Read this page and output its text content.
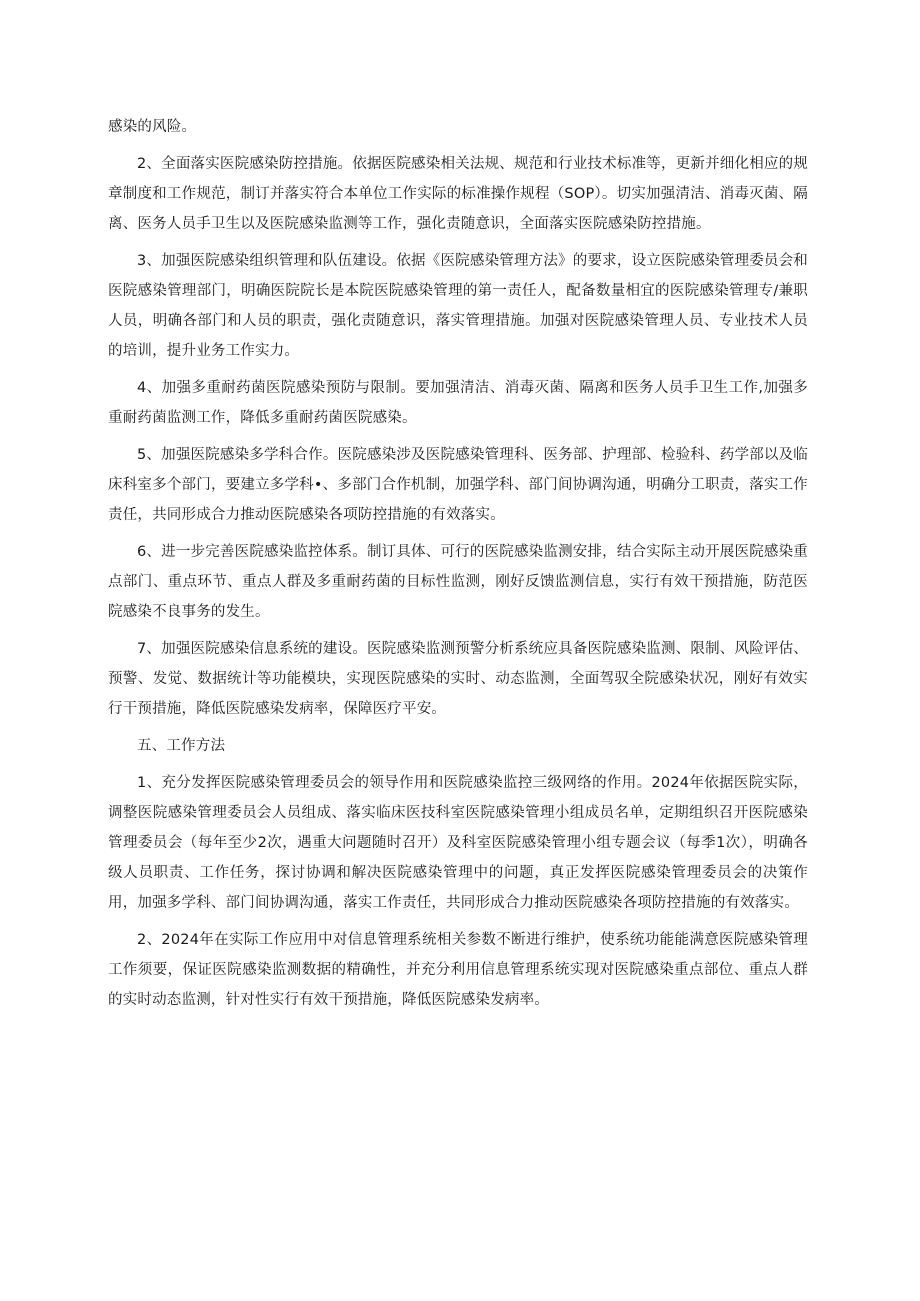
感染的风险。

2、全面落实医院感染防控措施。依据医院感染相关法规、规范和行业技术标准等，更新并细化相应的规章制度和工作规范，制订并落实符合本单位工作实际的标准操作规程（SOP）。切实加强清洁、消毒灭菌、隔离、医务人员手卫生以及医院感染监测等工作，强化责随意识，全面落实医院感染防控措施。

3、加强医院感染组织管理和队伍建设。依据《医院感染管理方法》的要求，设立医院感染管理委员会和医院感染管理部门，明确医院院长是本院医院感染管理的第一责任人，配备数量相宜的医院感染管理专/兼职人员，明确各部门和人员的职责，强化责随意识，落实管理措施。加强对医院感染管理人员、专业技术人员的培训，提升业务工作实力。

4、加强多重耐药菌医院感染预防与限制。要加强清洁、消毒灭菌、隔离和医务人员手卫生工作,加强多重耐药菌监测工作，降低多重耐药菌医院感染。

5、加强医院感染多学科合作。医院感染涉及医院感染管理科、医务部、护理部、检验科、药学部以及临床科室多个部门，要建立多学科•、多部门合作机制，加强学科、部门间协调沟通，明确分工职责，落实工作责任，共同形成合力推动医院感染各项防控措施的有效落实。

6、进一步完善医院感染监控体系。制订具体、可行的医院感染监测安排，结合实际主动开展医院感染重点部门、重点环节、重点人群及多重耐药菌的目标性监测，刚好反馈监测信息，实行有效干预措施，防范医院感染不良事务的发生。

7、加强医院感染信息系统的建设。医院感染监测预警分析系统应具备医院感染监测、限制、风险评估、预警、发觉、数据统计等功能模块，实现医院感染的实时、动态监测，全面驾驭全院感染状况，刚好有效实行干预措施，降低医院感染发病率，保障医疗平安。

五、工作方法

1、充分发挥医院感染管理委员会的领导作用和医院感染监控三级网络的作用。2024年依据医院实际，调整医院感染管理委员会人员组成、落实临床医技科室医院感染管理小组成员名单，定期组织召开医院感染管理委员会（每年至少2次，遇重大问题随时召开）及科室医院感染管理小组专题会议（每季1次），明确各级人员职责、工作任务，探讨协调和解决医院感染管理中的问题，真正发挥医院感染管理委员会的决策作用，加强多学科、部门间协调沟通，落实工作责任，共同形成合力推动医院感染各项防控措施的有效落实。

2、2024年在实际工作应用中对信息管理系统相关参数不断进行维护，使系统功能能满意医院感染管理工作须要，保证医院感染监测数据的精确性，并充分利用信息管理系统实现对医院感染重点部位、重点人群的实时动态监测，针对性实行有效干预措施，降低医院感染发病率。
